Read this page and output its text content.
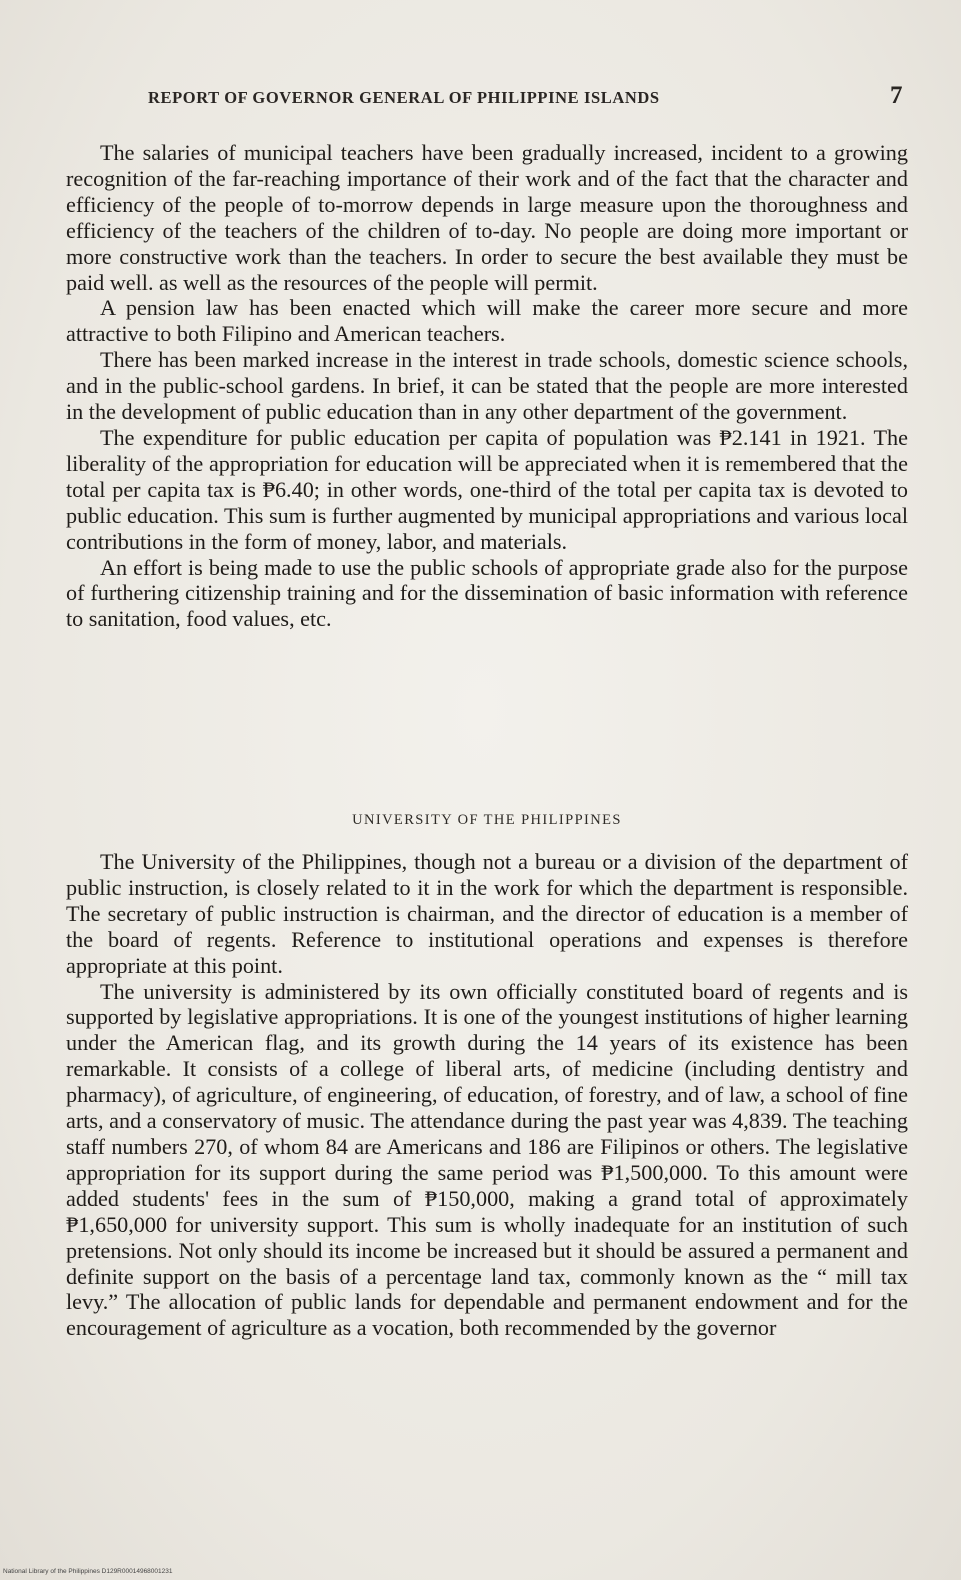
REPORT OF GOVERNOR GENERAL OF PHILIPPINE ISLANDS	7

The salaries of municipal teachers have been gradually increased, incident to a growing recognition of the far-reaching importance of their work and of the fact that the character and efficiency of the people of to-morrow depends in large measure upon the thoroughness and efficiency of the teachers of the children of to-day. No people are doing more important or more constructive work than the teachers. In order to secure the best available they must be paid well. as well as the resources of the people will permit.

A pension law has been enacted which will make the career more secure and more attractive to both Filipino and American teachers.

There has been marked increase in the interest in trade schools, domestic science schools, and in the public-school gardens. In brief, it can be stated that the people are more interested in the development of public education than in any other department of the government.

The expenditure for public education per capita of population was ₱2.141 in 1921. The liberality of the appropriation for education will be appreciated when it is remembered that the total per capita tax is ₱6.40; in other words, one-third of the total per capita tax is devoted to public education. This sum is further augmented by municipal appropriations and various local contributions in the form of money, labor, and materials.

An effort is being made to use the public schools of appropriate grade also for the purpose of furthering citizenship training and for the dissemination of basic information with reference to sanitation, food values, etc.

UNIVERSITY OF THE PHILIPPINES

The University of the Philippines, though not a bureau or a division of the department of public instruction, is closely related to it in the work for which the department is responsible. The secretary of public instruction is chairman, and the director of education is a member of the board of regents. Reference to institutional operations and expenses is therefore appropriate at this point.

The university is administered by its own officially constituted board of regents and is supported by legislative appropriations. It is one of the youngest institutions of higher learning under the American flag, and its growth during the 14 years of its existence has been remarkable. It consists of a college of liberal arts, of medicine (including dentistry and pharmacy), of agriculture, of engineering, of education, of forestry, and of law, a school of fine arts, and a conservatory of music. The attendance during the past year was 4,839. The teaching staff numbers 270, of whom 84 are Americans and 186 are Filipinos or others. The legislative appropriation for its support during the same period was ₱1,500,000. To this amount were added students' fees in the sum of ₱150,000, making a grand total of approximately ₱1,650,000 for university support. This sum is wholly inadequate for an institution of such pretensions. Not only should its income be increased but it should be assured a permanent and definite support on the basis of a percentage land tax, commonly known as the “ mill tax levy.” The allocation of public lands for dependable and permanent endowment and for the encouragement of agriculture as a vocation, both recommended by the governor

National Library of the Philippines D129R00014968001231
